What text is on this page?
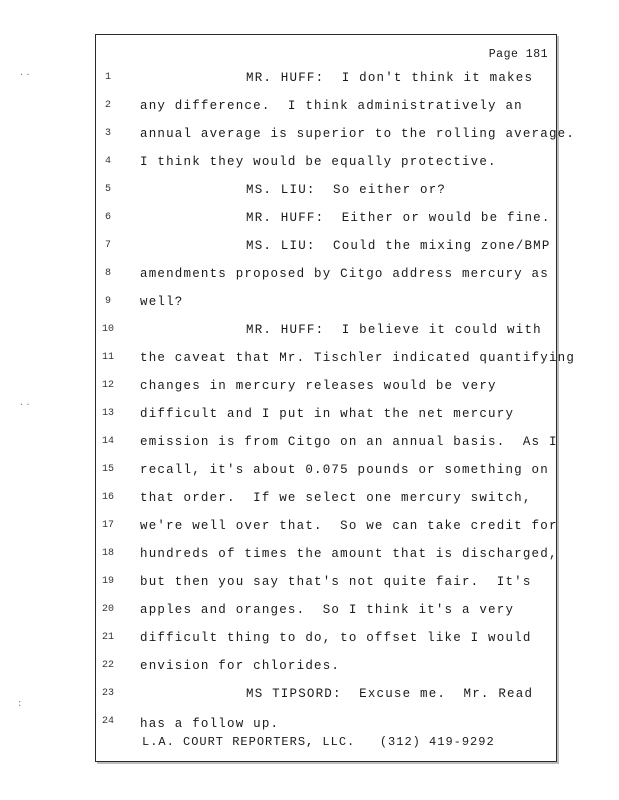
Page 181
1	MR. HUFF:  I don't think it makes
2	any difference.  I think administratively an
3	annual average is superior to the rolling average.
4	I think they would be equally protective.
5	MS. LIU:  So either or?
6	MR. HUFF:  Either or would be fine.
7	MS. LIU:  Could the mixing zone/BMP
8	amendments proposed by Citgo address mercury as
9	well?
10	MR. HUFF:  I believe it could with
11	the caveat that Mr. Tischler indicated quantifying
12	changes in mercury releases would be very
13	difficult and I put in what the net mercury
14	emission is from Citgo on an annual basis.  As I
15	recall, it's about 0.075 pounds or something on
16	that order.  If we select one mercury switch,
17	we're well over that.  So we can take credit for
18	hundreds of times the amount that is discharged,
19	but then you say that's not quite fair.  It's
20	apples and oranges.  So I think it's a very
21	difficult thing to do, to offset like I would
22	envision for chlorides.
23	MS TIPSORD:  Excuse me.  Mr. Read
24	has a follow up.
L.A. COURT REPORTERS, LLC.   (312) 419-9292
· ·
· ·
:
